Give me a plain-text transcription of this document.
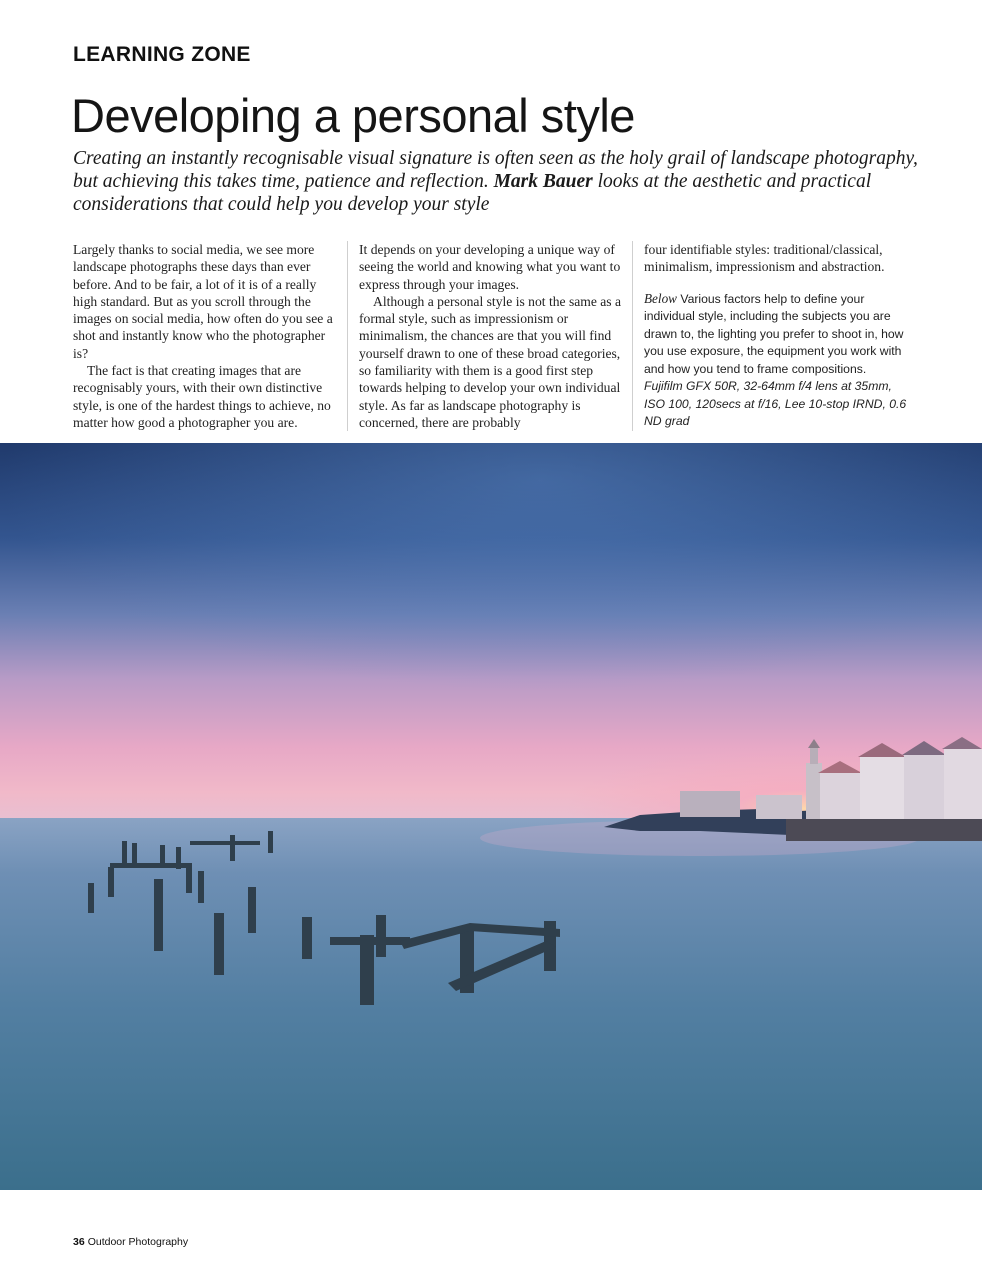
LEARNING ZONE
Developing a personal style

Creating an instantly recognisable visual signature is often seen as the holy grail of landscape photography, but achieving this takes time, patience and reflection. Mark Bauer looks at the aesthetic and practical considerations that could help you develop your style

Largely thanks to social media, we see more landscape photographs these days than ever before. And to be fair, a lot of it is of a really high standard. But as you scroll through the images on social media, how often do you see a shot and instantly know who the photographer is?

The fact is that creating images that are recognisably yours, with their own distinctive style, is one of the hardest things to achieve, no matter how good a photographer you are.

It depends on your developing a unique way of seeing the world and knowing what you want to express through your images.

Although a personal style is not the same as a formal style, such as impressionism or minimalism, the chances are that you will find yourself drawn to one of these broad categories, so familiarity with them is a good first step towards helping to develop your own individual style. As far as landscape photography is concerned, there are probably

four identifiable styles: traditional/classical, minimalism, impressionism and abstraction.

Below Various factors help to define your individual style, including the subjects you are drawn to, the lighting you prefer to shoot in, how you use exposure, the equipment you work with and how you tend to frame compositions.
Fujifilm GFX 50R, 32-64mm f/4 lens at 35mm, ISO 100, 120secs at f/16, Lee 10-stop IRND, 0.6 ND grad
36 Outdoor Photography
